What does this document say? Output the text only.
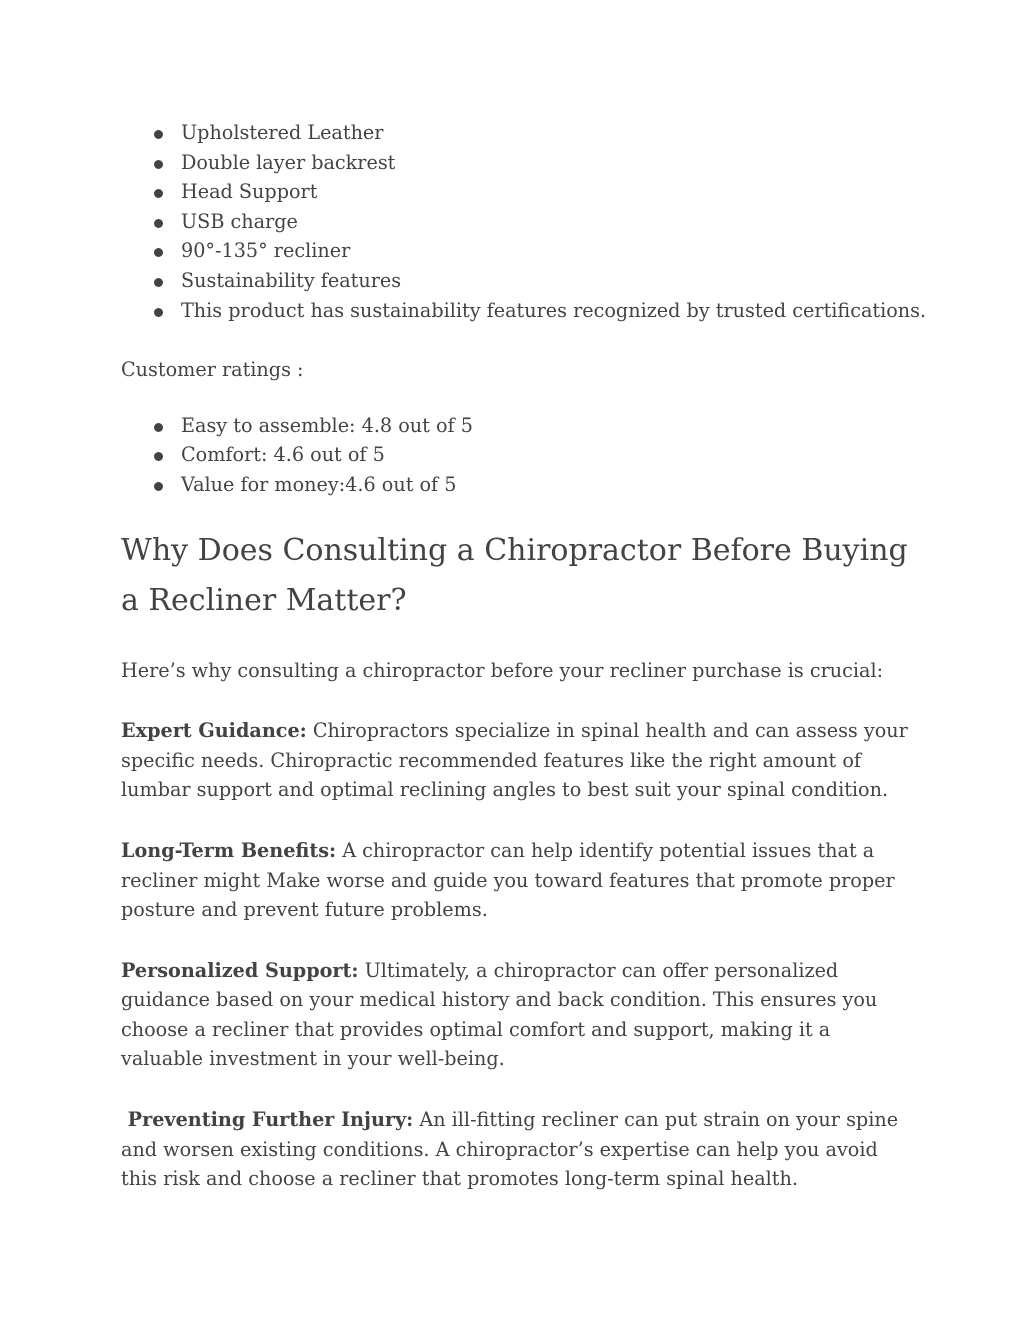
Upholstered Leather
Double layer backrest
Head Support
USB charge
90°-135° recliner
Sustainability features
This product has sustainability features recognized by trusted certifications.

Customer ratings :

Easy to assemble: 4.8 out of 5
Comfort: 4.6 out of 5
Value for money:4.6 out of 5
Why Does Consulting a Chiropractor Before Buying a Recliner Matter?

Here’s why consulting a chiropractor before your recliner purchase is crucial:

Expert Guidance: Chiropractors specialize in spinal health and can assess your specific needs. Chiropractic recommended features like the right amount of lumbar support and optimal reclining angles to best suit your spinal condition.

Long-Term Benefits: A chiropractor can help identify potential issues that a recliner might Make worse and guide you toward features that promote proper posture and prevent future problems.

Personalized Support: Ultimately, a chiropractor can offer personalized guidance based on your medical history and back condition. This ensures you choose a recliner that provides optimal comfort and support, making it a valuable investment in your well-being.

Preventing Further Injury: An ill-fitting recliner can put strain on your spine and worsen existing conditions. A chiropractor’s expertise can help you avoid this risk and choose a recliner that promotes long-term spinal health.
